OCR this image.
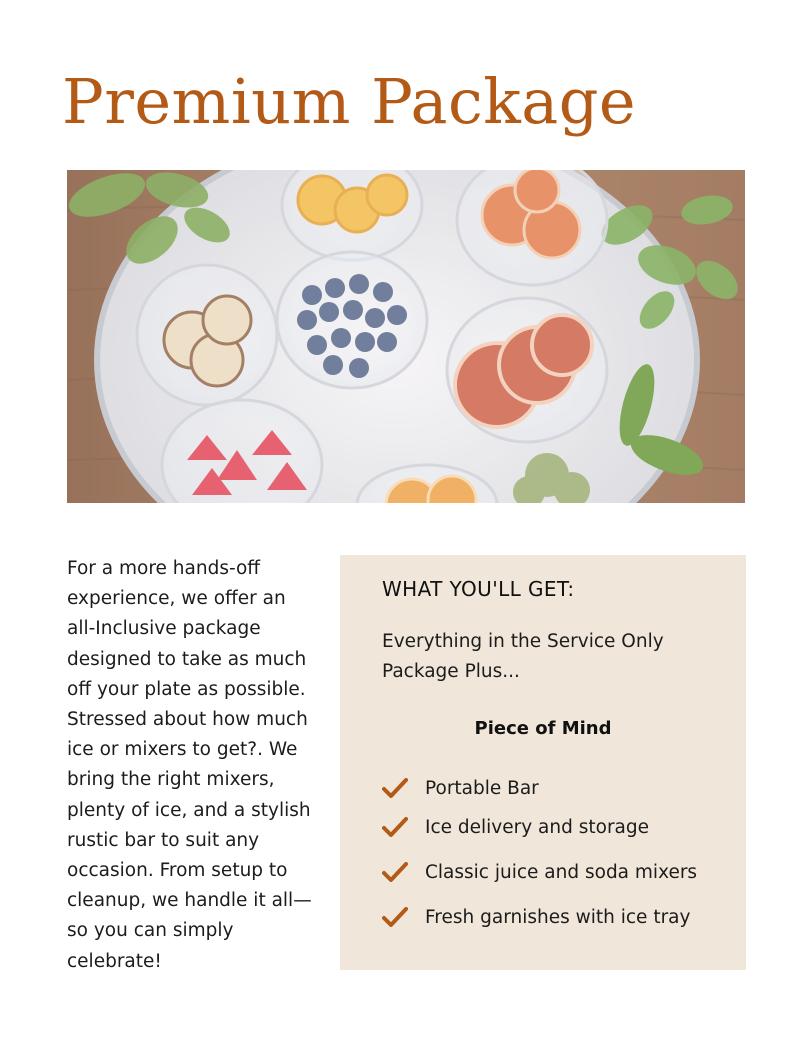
Premium Package

For a more hands-off experience, we offer an all-Inclusive package designed to take as much off your plate as possible. Stressed about how much ice or mixers to get?. We bring the right mixers, plenty of ice, and a stylish rustic bar to suit any occasion. From setup to cleanup, we handle it all—so you can simply celebrate!

WHAT YOU'LL GET:

Everything in the Service Only Package Plus...

Piece of Mind
Portable Bar
Ice delivery and storage
Classic juice and soda mixers
Fresh garnishes with ice tray
